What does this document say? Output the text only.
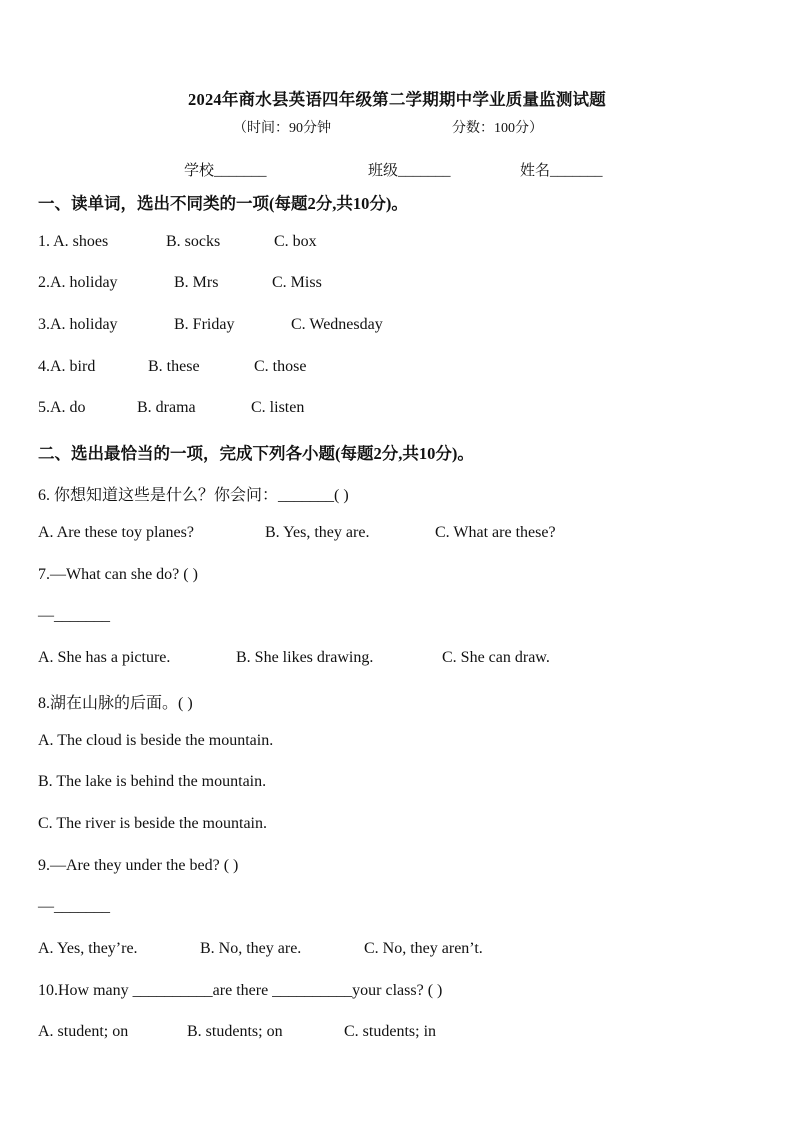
2024年商水县英语四年级第二学期期中学业质量监测试题
（时间：90分钟	分数：100分）
学校_______	班级_______	姓名_______
一、读单词，选出不同类的一项(每题2分,共10分)。
1. A. shoes	B. socks	C. box
2.A. holiday	B. Mrs	C. Miss
3.A. holiday	B. Friday	C. Wednesday
4.A. bird	B. these	C. those
5.A. do	B. drama	C. listen
二、选出最恰当的一项，完成下列各小题(每题2分,共10分)。
6. 你想知道这些是什么？你会问：_______( )
A. Are these toy planes?	B. Yes, they are.	C. What are these?
7.—What can she do? ( )
—_______
A. She has a picture.	B. She likes drawing.	C. She can draw.
8.湖在山脉的后面。( )
A. The cloud is beside the mountain.
B. The lake is behind the mountain.
C. The river is beside the mountain.
9.—Are they under the bed? ( )
—_______
A. Yes, they’re.	B. No, they are.	C. No, they aren’t.
10.How many __________are there __________your class? ( )
A. student; on	B. students; on	C. students; in
